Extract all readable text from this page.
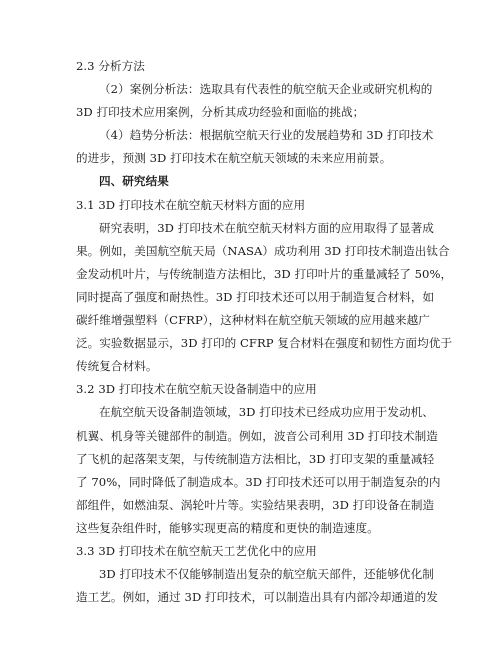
2.3 分析方法
（2）案例分析法：选取具有代表性的航空航天企业或研究机构的
3D 打印技术应用案例，分析其成功经验和面临的挑战；
（4）趋势分析法：根据航空航天行业的发展趋势和 3D 打印技术
的进步，预测 3D 打印技术在航空航天领域的未来应用前景。
四、研究结果
3.1 3D 打印技术在航空航天材料方面的应用
研究表明，3D 打印技术在航空航天材料方面的应用取得了显著成
果。例如，美国航空航天局（NASA）成功利用 3D 打印技术制造出钛合
金发动机叶片，与传统制造方法相比，3D 打印叶片的重量减轻了 50%，
同时提高了强度和耐热性。3D 打印技术还可以用于制造复合材料，如
碳纤维增强塑料（CFRP），这种材料在航空航天领域的应用越来越广
泛。实验数据显示，3D 打印的 CFRP 复合材料在强度和韧性方面均优于
传统复合材料。
3.2 3D 打印技术在航空航天设备制造中的应用
在航空航天设备制造领域，3D 打印技术已经成功应用于发动机、
机翼、机身等关键部件的制造。例如，波音公司利用 3D 打印技术制造
了飞机的起落架支架，与传统制造方法相比，3D 打印支架的重量减轻
了 70%，同时降低了制造成本。3D 打印技术还可以用于制造复杂的内
部组件，如燃油泵、涡轮叶片等。实验结果表明，3D 打印设备在制造
这些复杂组件时，能够实现更高的精度和更快的制造速度。
3.3 3D 打印技术在航空航天工艺优化中的应用
3D 打印技术不仅能够制造出复杂的航空航天部件，还能够优化制
造工艺。例如，通过 3D 打印技术，可以制造出具有内部冷却通道的发
